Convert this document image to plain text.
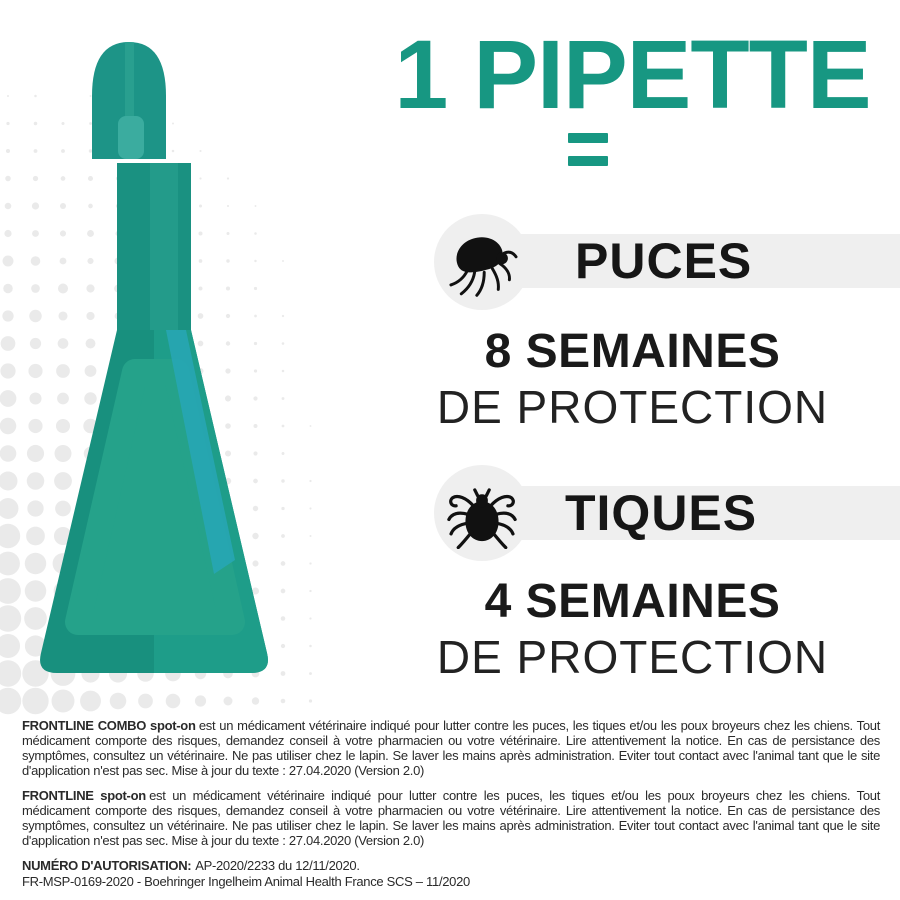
1 PIPETTE
PUCES
8 SEMAINES
DE PROTECTION
TIQUES
4 SEMAINES
DE PROTECTION

FRONTLINE COMBO spot-on est un médicament vétérinaire indiqué pour lutter contre les puces, les tiques et/ou les poux broyeurs chez les chiens. Tout médicament comporte des risques, demandez conseil à votre pharmacien ou votre vétérinaire. Lire attentivement la notice. En cas de persistance des symptômes, consultez un vétérinaire. Ne pas utiliser chez le lapin. Se laver les mains après administration. Eviter tout contact avec l'animal tant que le site d'application n'est pas sec. Mise à jour du texte : 27.04.2020 (Version 2.0)

FRONTLINE spot-on est un médicament vétérinaire indiqué pour lutter contre les puces, les tiques et/ou les poux broyeurs chez les chiens. Tout médicament comporte des risques, demandez conseil à votre pharmacien ou votre vétérinaire. Lire attentivement la notice. En cas de persistance des symptômes, consultez un vétérinaire. Ne pas utiliser chez le lapin. Se laver les mains après administration. Eviter tout contact avec l'animal tant que le site d'application n'est pas sec. Mise à jour du texte : 27.04.2020 (Version 2.0)

NUMÉRO D'AUTORISATION: AP-2020/2233 du 12/11/2020.

FR-MSP-0169-2020 - Boehringer Ingelheim Animal Health France SCS – 11/2020
